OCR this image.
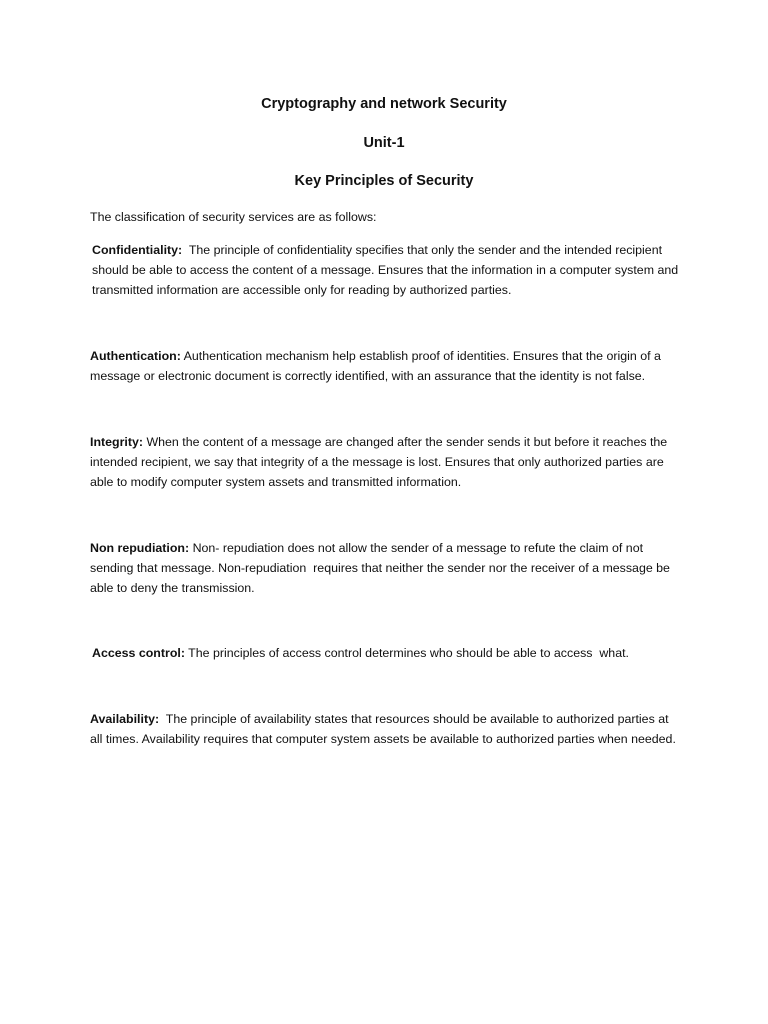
Cryptography and network Security
Unit-1
Key Principles of Security
The classification of security services are as follows:
Confidentiality:  The principle of confidentiality specifies that only the sender and the intended recipient should be able to access the content of a message. Ensures that the information in a computer system and transmitted information are accessible only for reading by authorized parties.
Authentication: Authentication mechanism help establish proof of identities. Ensures that the origin of a message or electronic document is correctly identified, with an assurance that the identity is not false.
Integrity: When the content of a message are changed after the sender sends it but before it reaches the intended recipient, we say that integrity of a the message is lost. Ensures that only authorized parties are able to modify computer system assets and transmitted information.
Non repudiation: Non- repudiation does not allow the sender of a message to refute the claim of not sending that message. Non-repudiation  requires that neither the sender nor the receiver of a message be able to deny the transmission.
Access control: The principles of access control determines who should be able to access  what.
Availability:  The principle of availability states that resources should be available to authorized parties at all times. Availability requires that computer system assets be available to authorized parties when needed.
